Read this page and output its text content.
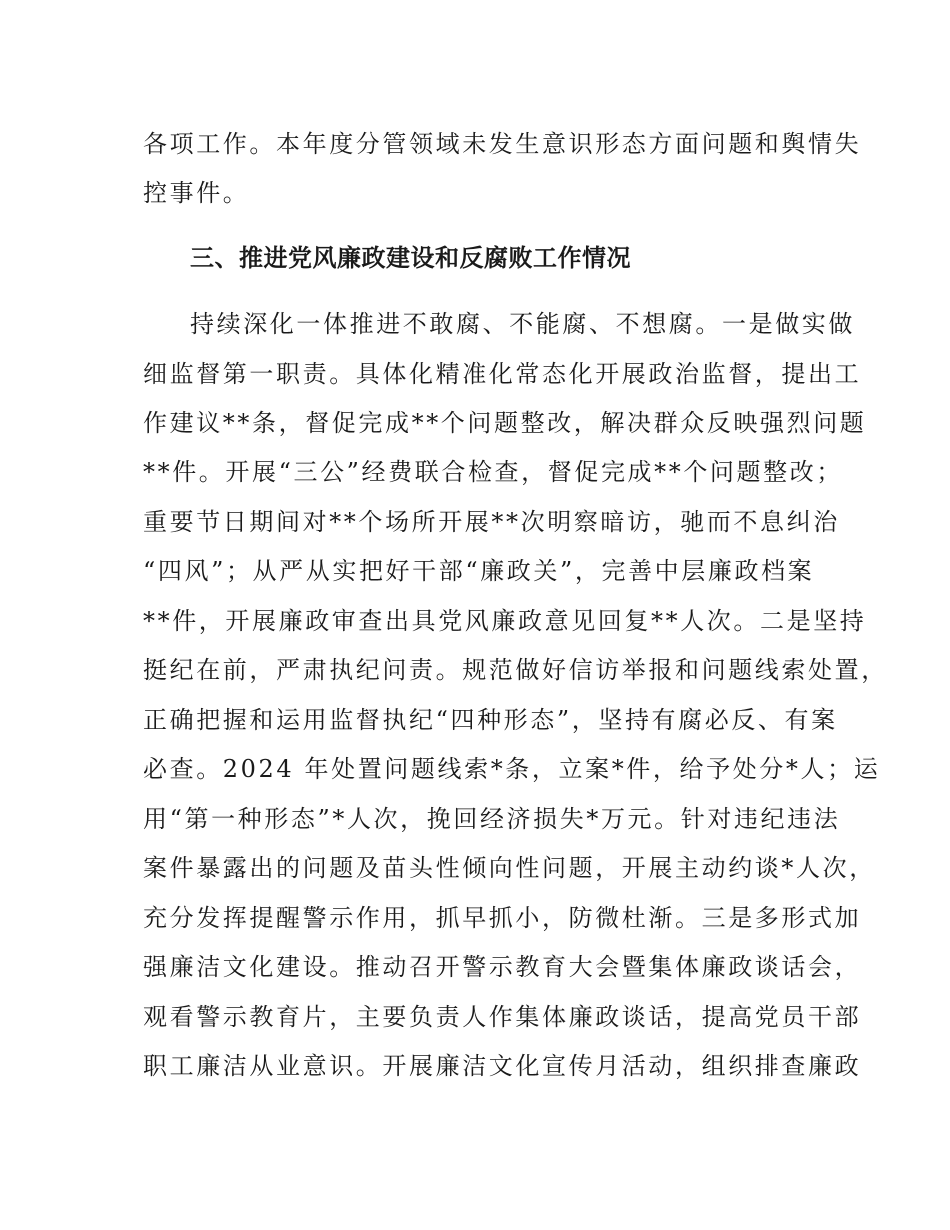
各项工作。本年度分管领域未发生意识形态方面问题和舆情失
控事件。
三、推进党风廉政建设和反腐败工作情况
持续深化一体推进不敢腐、不能腐、不想腐。一是做实做
细监督第一职责。具体化精准化常态化开展政治监督，提出工
作建议**条，督促完成**个问题整改，解决群众反映强烈问题
**件。开展“三公”经费联合检查，督促完成**个问题整改；
重要节日期间对**个场所开展**次明察暗访，驰而不息纠治
“四风”；从严从实把好干部“廉政关”，完善中层廉政档案
**件，开展廉政审查出具党风廉政意见回复**人次。二是坚持
挺纪在前，严肃执纪问责。规范做好信访举报和问题线索处置，
正确把握和运用监督执纪“四种形态”，坚持有腐必反、有案
必查。2024 年处置问题线索*条，立案*件，给予处分*人；运
用“第一种形态”*人次，挽回经济损失*万元。针对违纪违法
案件暴露出的问题及苗头性倾向性问题，开展主动约谈*人次，
充分发挥提醒警示作用，抓早抓小，防微杜渐。三是多形式加
强廉洁文化建设。推动召开警示教育大会暨集体廉政谈话会，
观看警示教育片，主要负责人作集体廉政谈话，提高党员干部
职工廉洁从业意识。开展廉洁文化宣传月活动，组织排查廉政
